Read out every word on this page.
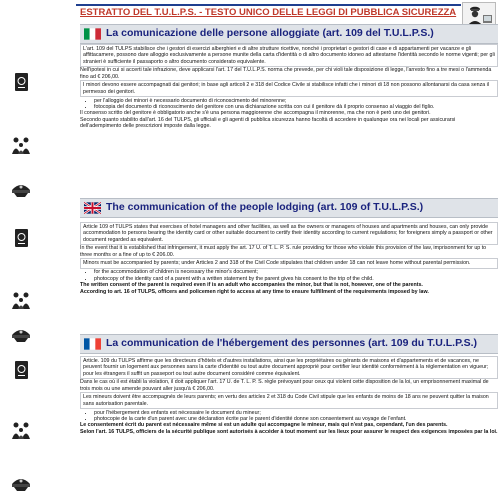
ESTRATTO DEL T.U.L.P.S. - TESTO UNICO DELLE LEGGI DI PUBBLICA SICUREZZA
La comunicazione delle persone alloggiate (art. 109 del T.U.L.P.S.)

L'art. 109 del TULPS stabilisce che i gestori di esercizi alberghieri e di altre strutture ricettive, nonché i proprietari o gestori di case e di appartamenti per vacanze e gli affittacamere, possono dare alloggio esclusivamente a persone munite della carta d'identità o di altro documento idoneo ad attestarne l'identità secondo le norme vigenti; per gli stranieri è sufficiente il passaporto o altro documento considerato equivalente.

Nell'ipotesi in cui si accerti tale infrazione, deve applicarsi l'art. 17 del T.U.L.P.S. norma che prevede, per chi violi tale disposizione di legge, l'arresto fino a tre mesi o l'ammenda fino ad € 206,00.

I minori devono essere accompagnati dai genitori; in base agli articoli 2 e 318 del Codice Civile si stabilisce infatti che i minori di 18 non possono allontanarsi da casa senza il permesso dei genitori.

• per l'alloggio dei minori è necessario documento di riconoscimento del minorenne;
• fotocopia del documento di riconoscimento del genitore con una dichiarazione scritta con cui il genitore dà il proprio consenso al viaggio del figlio.

Il consenso scritto del genitore è obbligatorio anche s'è una persona maggiorenne che accompagna il minorenne, ma che non è però uno dei genitori.

Secondo quanto stabilito dall'art. 16 del TULPS, gli ufficiali e gli agenti di pubblica sicurezza hanno facoltà di accedere in qualunque ora nei locali per assicurarsi dell'adempimento delle prescrizioni imposte dalla legge.

The communication of the people lodging (art. 109 of T.U.L.P.S.)

Article 109 of TULPS states that exercises of hotel managers and other facilities, as well as the owners or managers of houses and apartments and houses, can only provide accommodation to persons bearing the identity card or other suitable document to certify their identity according to current regulations; for foreigners simply a passport or other document regarded as equivalent.

In the event that it is established that infringement, it must apply the art. 17 U. of T. L. P. S. rule providing for those who violate this provision of the law, imprisonment for up to three months or a fine of up to € 206.00.

Minors must be accompanied by parents; under Articles 2 and 318 of the Civil Code stipulates that children under 18 can not leave home without parental permission.

• for the accommodation of children is necessary the minor's document;
• photocopy of the identity card of a parent with a written statement by the parent gives his consent to the trip of the child.

The written consent of the parent is required even if is an adult who accompanies the minor, but that is not, however, one of the parents.

According to art. 16 of TULPS, officers and policemen right to access at any time to ensure fulfillment of the requirements imposed by law.

La communication de l'hébergement des personnes (art. 109 du T.U.L.P.S.)

Article. 109 du TULPS affirme que les directeurs d'hôtels et d'autres installations, ainsi que les propriétaires ou gérants de maisons et d'appartements et de vacances, ne peuvent fournir un logement aux personnes sans la carte d'identité ou tout autre document approprié pour certifier leur identité conformément à la réglementation en vigueur; pour les étrangers il suffit un passeport ou tout autre document considéré comme équivalent.

Dans le cas où il est établi la violation, il doit appliquer l'art. 17 U. de T. L. P. S. règle prévoyant pour ceux qui violent cette disposition de la loi, un emprisonnement maximal de trois mois ou une amende pouvant aller jusqu'à € 206,00.

Les mineurs doivent être accompagnés de leurs parents; en vertu des articles 2 et 318 du Code Civil stipule que les enfants de moins de 18 ans ne peuvent quitter la maison sans autorisation parentale.

• pour l'hébergement des enfants est nécessaire le document du mineur;
• photocopie de la carte d'un parent avec une déclaration écrite par le parent d'identité donne son consentement au voyage de l'enfant.

Le consentement écrit du parent est nécessaire même si est un adulte qui accompagne le mineur, mais qui n'est pas, cependant, l'un des parents.

Selon l'art. 16 TULPS, officiers de la sécurité publique sont autorisés à accéder à tout moment sur les lieux pour assurer le respect des exigences imposées par la loi.
